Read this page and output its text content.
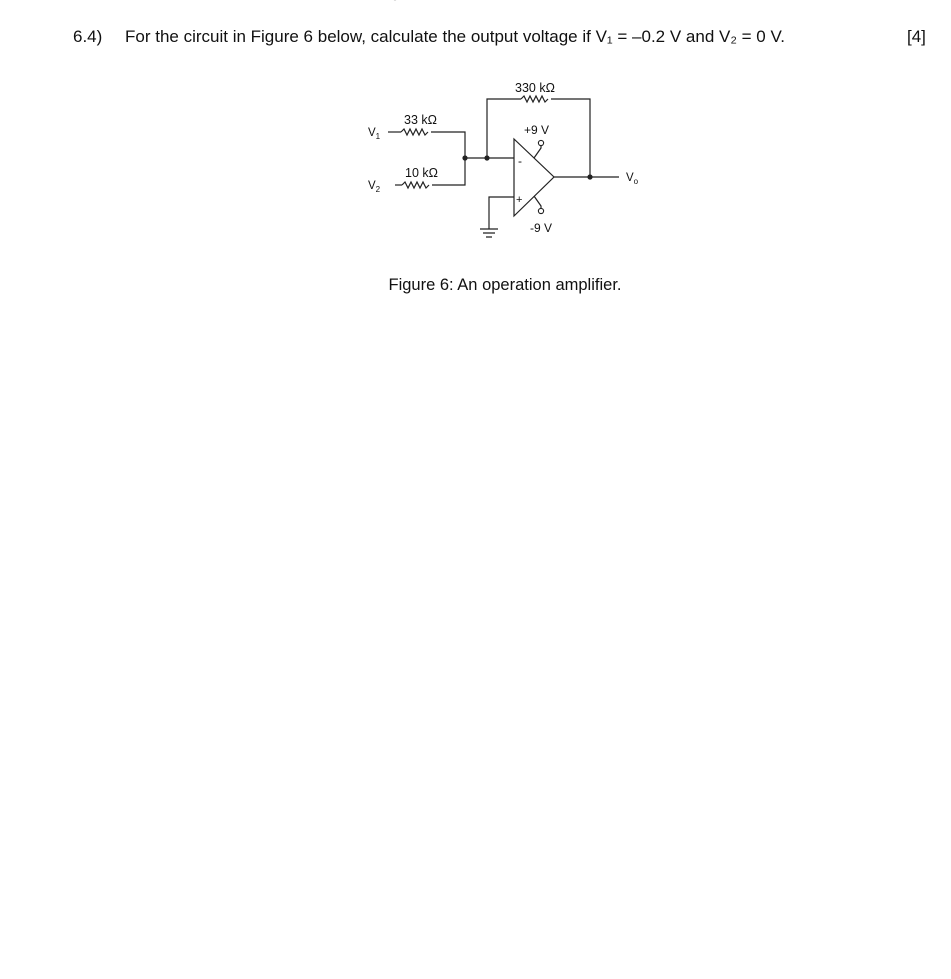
6.4) For the circuit in Figure 6 below, calculate the output voltage if V₁ = –0.2 V and V₂ = 0 V.	[4]
330 kΩ
33 kΩ
10 kΩ
+9 V
-9 V
-
+
$V_1$
$V_2$
$V_o$
Figure 6: An operation amplifier.
